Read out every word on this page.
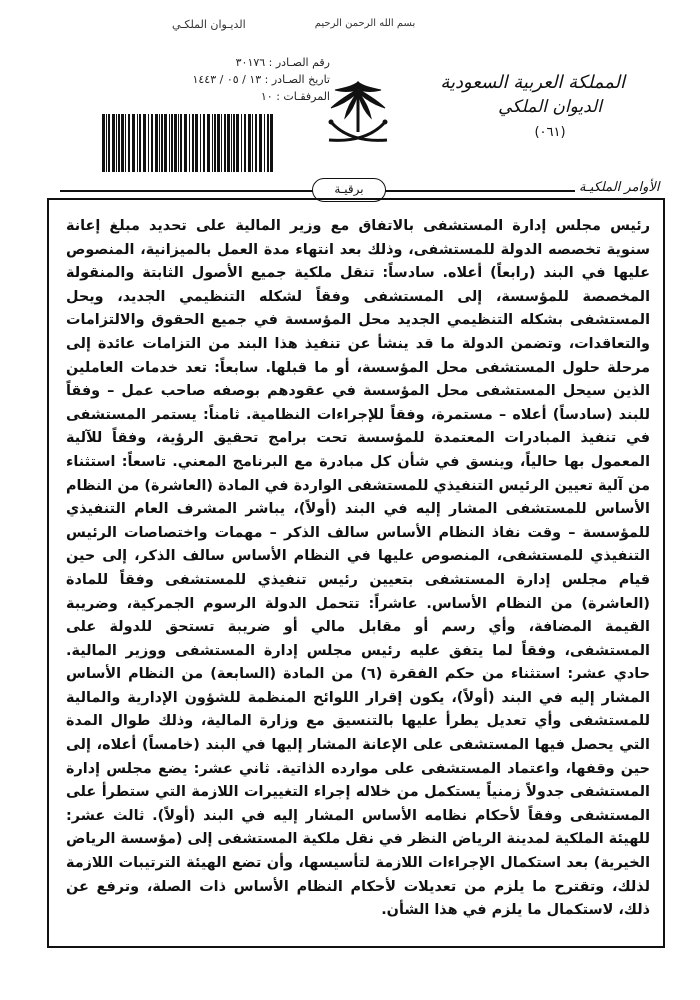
الديـوان الملكـي	بسم الله الرحمن الرحيم
رقم الصـادر : ٣٠١٧٦
تاريخ الصـادر : ١٣ / ٠٥ / ١٤٤٣
المرفقـات : ١٠
المملكة العربية السعودية
الديوان الملكي
(٠٦١)
برقيـة	الأوامر الملكيـة

رئيس مجلس إدارة المستشفى بالاتفاق مع وزير المالية على تحديد مبلغ إعانة سنوية تخصصه الدولة للمستشفى، وذلك بعد انتهاء مدة العمل بالميزانية، المنصوص عليها في البند (رابعاً) أعلاه. سادساً: تنقل ملكية جميع الأصول الثابتة والمنقولة المخصصة للمؤسسة، إلى المستشفى وفقاً لشكله التنظيمي الجديد، ويحل المستشفى بشكله التنظيمي الجديد محل المؤسسة في جميع الحقوق والالتزامات والتعاقدات، وتضمن الدولة ما قد ينشأ عن تنفيذ هذا البند من التزامات عائدة إلى مرحلة حلول المستشفى محل المؤسسة، أو ما قبلها. سابعاً: تعد خدمات العاملين الذين سيحل المستشفى محل المؤسسة في عقودهم بوصفه صاحب عمل – وفقاً للبند (سادساً) أعلاه – مستمرة، وفقاً للإجراءات النظامية. ثامناً: يستمر المستشفى في تنفيذ المبادرات المعتمدة للمؤسسة تحت برامج تحقيق الرؤية، وفقاً للآلية المعمول بها حالياً، وينسق في شأن كل مبادرة مع البرنامج المعني. تاسعاً: استثناء من آلية تعيين الرئيس التنفيذي للمستشفى الواردة في المادة (العاشرة) من النظام الأساس للمستشفى المشار إليه في البند (أولاً)، يباشر المشرف العام التنفيذي للمؤسسة – وقت نفاذ النظام الأساس سالف الذكر – مهمات واختصاصات الرئيس التنفيذي للمستشفى، المنصوص عليها في النظام الأساس سالف الذكر، إلى حين قيام مجلس إدارة المستشفى بتعيين رئيس تنفيذي للمستشفى وفقاً للمادة (العاشرة) من النظام الأساس. عاشراً: تتحمل الدولة الرسوم الجمركية، وضريبة القيمة المضافة، وأي رسم أو مقابل مالي أو ضريبة تستحق للدولة على المستشفى، وفقاً لما يتفق عليه رئيس مجلس إدارة المستشفى ووزير المالية. حادي عشر: استثناء من حكم الفقرة (٦) من المادة (السابعة) من النظام الأساس المشار إليه في البند (أولاً)، يكون إقرار اللوائح المنظمة للشؤون الإدارية والمالية للمستشفى وأي تعديل يطرأ عليها بالتنسيق مع وزارة المالية، وذلك طوال المدة التي يحصل فيها المستشفى على الإعانة المشار إليها في البند (خامساً) أعلاه، إلى حين وقفها، واعتماد المستشفى على موارده الذاتية. ثاني عشر: يضع مجلس إدارة المستشفى جدولاً زمنياً يستكمل من خلاله إجراء التغييرات اللازمة التي ستطرأ على المستشفى وفقاً لأحكام نظامه الأساس المشار إليه في البند (أولاً). ثالث عشر: للهيئة الملكية لمدينة الرياض النظر في نقل ملكية المستشفى إلى (مؤسسة الرياض الخيرية) بعد استكمال الإجراءات اللازمة لتأسيسها، وأن تضع الهيئة الترتيبات اللازمة لذلك، وتقترح ما يلزم من تعديلات لأحكام النظام الأساس ذات الصلة، وترفع عن ذلك، لاستكمال ما يلزم في هذا الشأن.
